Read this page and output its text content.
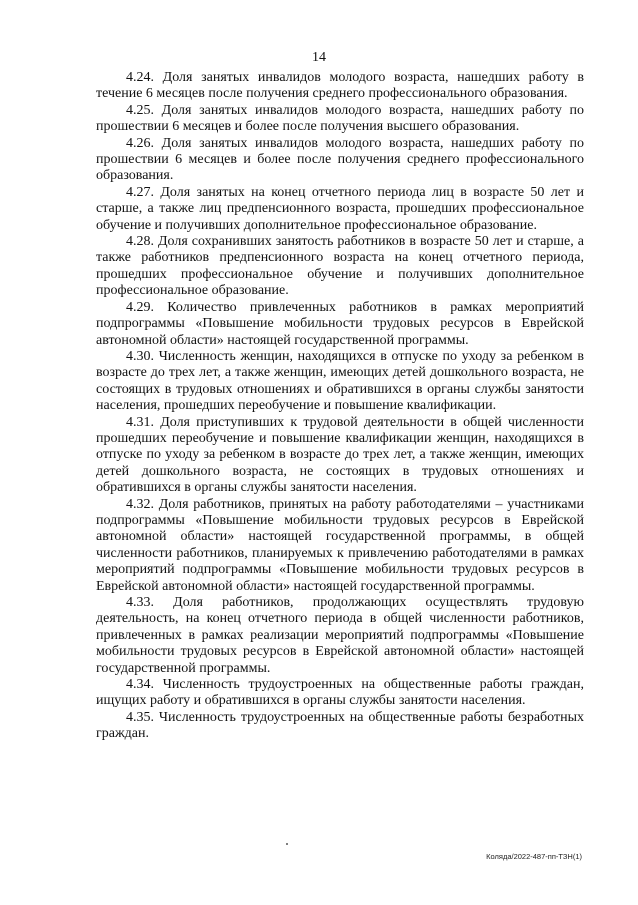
14

4.24. Доля занятых инвалидов молодого возраста, нашедших работу в течение 6 месяцев после получения среднего профессионального образования.

4.25. Доля занятых инвалидов молодого возраста, нашедших работу по прошествии 6 месяцев и более после получения высшего образования.

4.26. Доля занятых инвалидов молодого возраста, нашедших работу по прошествии 6 месяцев и более после получения среднего профессионального образования.

4.27. Доля занятых на конец отчетного периода лиц в возрасте 50 лет и старше, а также лиц предпенсионного возраста, прошедших профессиональное обучение и получивших дополнительное профессиональное образование.

4.28. Доля сохранивших занятость работников в возрасте 50 лет и старше, а также работников предпенсионного возраста на конец отчетного периода, прошедших профессиональное обучение и получивших дополнительное профессиональное образование.

4.29. Количество привлеченных работников в рамках мероприятий подпрограммы «Повышение мобильности трудовых ресурсов в Еврейской автономной области» настоящей государственной программы.

4.30. Численность женщин, находящихся в отпуске по уходу за ребенком в возрасте до трех лет, а также женщин, имеющих детей дошкольного возраста, не состоящих в трудовых отношениях и обратившихся в органы службы занятости населения, прошедших переобучение и повышение квалификации.

4.31. Доля приступивших к трудовой деятельности в общей численности прошедших переобучение и повышение квалификации женщин, находящихся в отпуске по уходу за ребенком в возрасте до трех лет, а также женщин, имеющих детей дошкольного возраста, не состоящих в трудовых отношениях и обратившихся в органы службы занятости населения.

4.32. Доля работников, принятых на работу работодателями – участниками подпрограммы «Повышение мобильности трудовых ресурсов в Еврейской автономной области» настоящей государственной программы, в общей численности работников, планируемых к привлечению работодателями в рамках мероприятий подпрограммы «Повышение мобильности трудовых ресурсов в Еврейской автономной области» настоящей государственной программы.

4.33. Доля работников, продолжающих осуществлять трудовую деятельность, на конец отчетного периода в общей численности работников, привлеченных в рамках реализации мероприятий подпрограммы «Повышение мобильности трудовых ресурсов в Еврейской автономной области» настоящей государственной программы.

4.34. Численность трудоустроенных на общественные работы граждан, ищущих работу и обратившихся в органы службы занятости населения.

4.35. Численность трудоустроенных на общественные работы безработных граждан.

Коляда/2022-487-пп-ТЗН(1)
